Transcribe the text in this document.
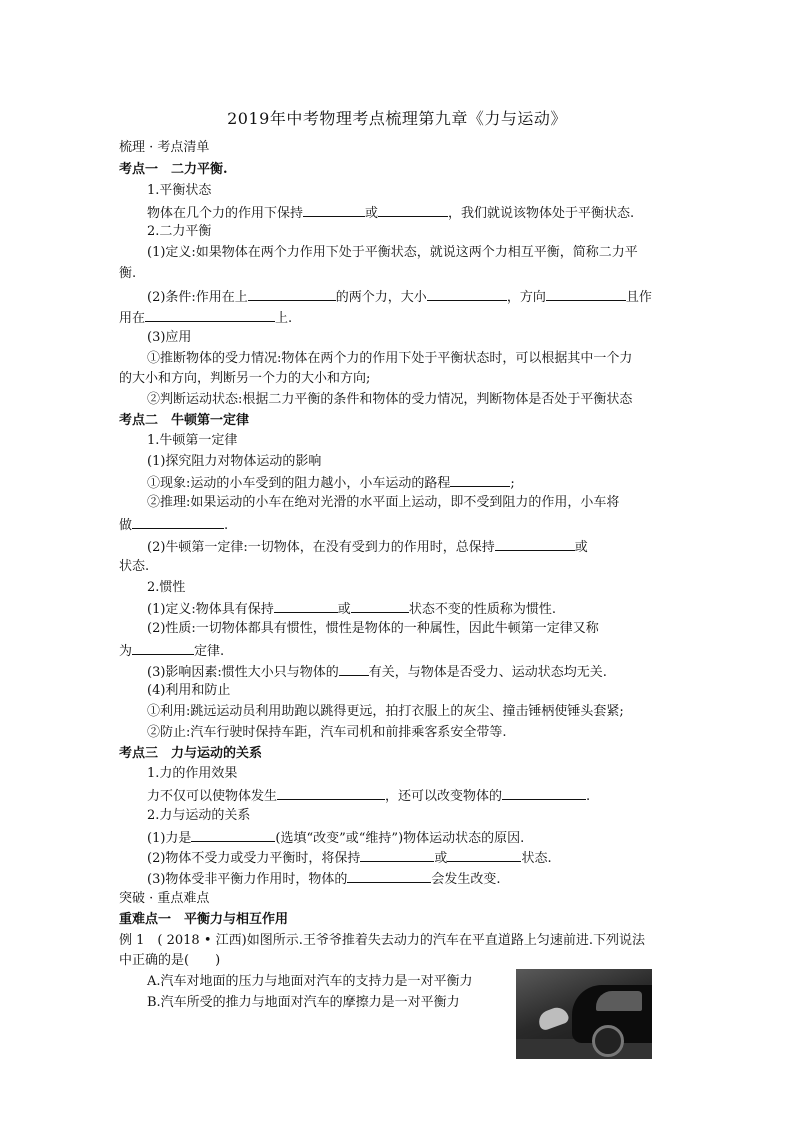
2019年中考物理考点梳理第九章《力与运动》
梳理 · 考点清单
考点一　二力平衡.
1.平衡状态
物体在几个力的作用下保持	或	，我们就说该物体处于平衡状态.
2.二力平衡
(1)定义:如果物体在两个力作用下处于平衡状态，就说这两个力相互平衡，简称二力平
衡.
(2)条件:作用在上	的两个力，大小	，方向	且作
用在	上.
(3)应用
①推断物体的受力情况:物体在两个力的作用下处于平衡状态时，可以根据其中一个力
的大小和方向，判断另一个力的大小和方向;
②判断运动状态:根据二力平衡的条件和物体的受力情况，判断物体是否处于平衡状态
考点二　牛顿第一定律
1.牛顿第一定律
(1)探究阻力对物体运动的影响
①现象:运动的小车受到的阻力越小，小车运动的路程	;
②推理:如果运动的小车在绝对光滑的水平面上运动，即不受到阻力的作用，小车将
做	.
(2)牛顿第一定律:一切物体，在没有受到力的作用时，总保持	或
状态.
2.惯性
(1)定义:物体具有保持	或	状态不变的性质称为惯性.
(2)性质:一切物体都具有惯性，惯性是物体的一种属性，因此牛顿第一定律又称
为	定律.
(3)影响因素:惯性大小只与物体的 有关，与物体是否受力、运动状态均无关.
(4)利用和防止
①利用:跳远运动员利用助跑以跳得更远，拍打衣服上的灰尘、撞击锤柄使锤头套紧;
②防止:汽车行驶时保持车距，汽车司机和前排乘客系安全带等.
考点三　力与运动的关系
1.力的作用效果
力不仅可以使物体发生	，还可以改变物体的	.
2.力与运动的关系
(1)力是	(选填“改变”或“维持”)物体运动状态的原因.
(2)物体不受力或受力平衡时，将保持	或	状态.
(3)物体受非平衡力作用时，物体的	会发生改变.
突破 · 重点难点
重难点一　平衡力与相互作用
例 1　( 2018 • 江西)如图所示.王爷爷推着失去动力的汽车在平直道路上匀速前进.下列说法
中正确的是(　　)
A.汽车对地面的压力与地面对汽车的支持力是一对平衡力
B.汽车所受的推力与地面对汽车的摩擦力是一对平衡力
